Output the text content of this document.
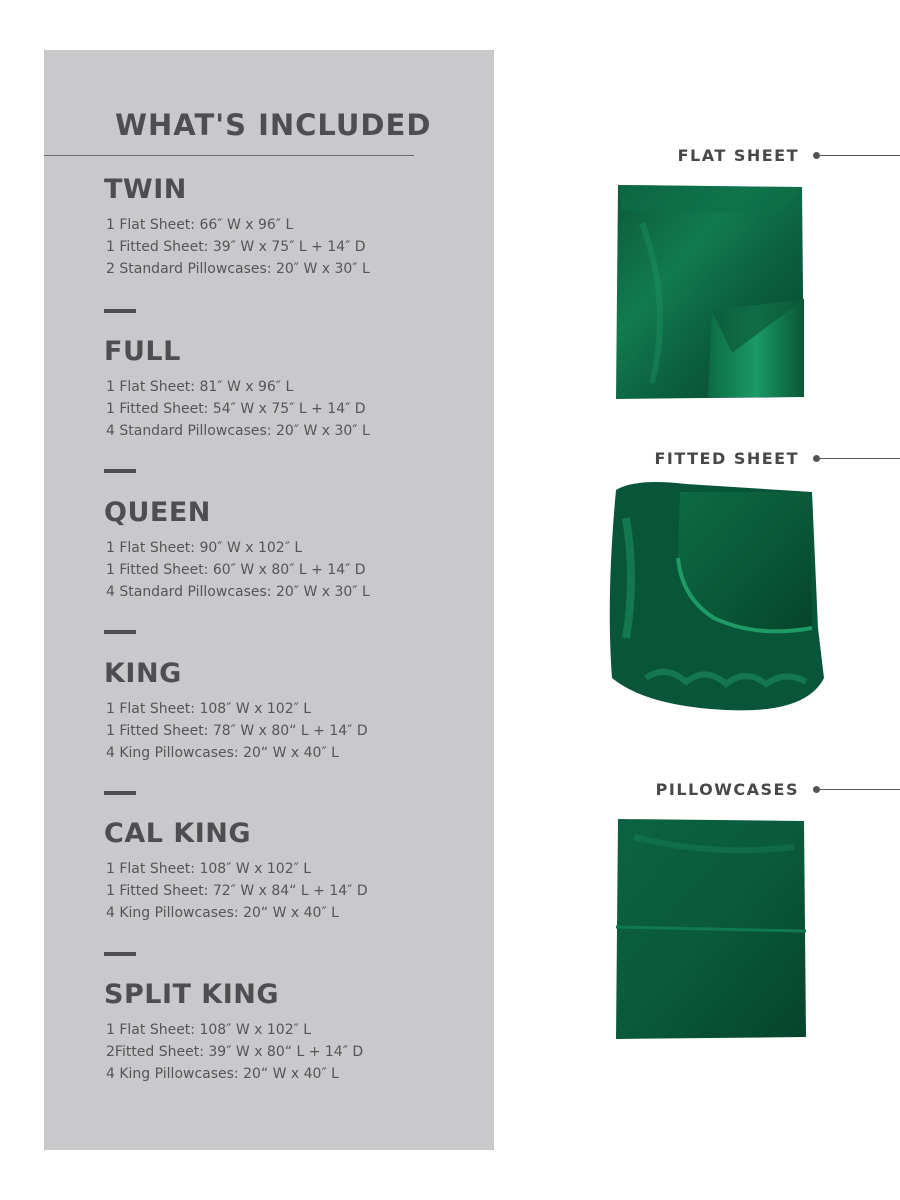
WHAT'S INCLUDED
TWIN
1 Flat Sheet: 66″ W x 96″ L
1 Fitted Sheet: 39″ W x 75″ L + 14″ D
2 Standard Pillowcases: 20″ W x 30″ L
FULL
1 Flat Sheet: 81″ W x 96″ L
1 Fitted Sheet: 54″ W x 75″ L + 14″ D
4 Standard Pillowcases: 20″ W x 30″ L
QUEEN
1 Flat Sheet: 90″ W x 102″ L
1 Fitted Sheet: 60″ W x 80″ L + 14″ D
4 Standard Pillowcases: 20″ W x 30″ L
KING
1 Flat Sheet: 108″ W x 102″ L
1 Fitted Sheet: 78″ W x 80“ L + 14″ D
4 King Pillowcases: 20“ W x 40″ L
CAL KING
1 Flat Sheet: 108″ W x 102″ L
1 Fitted Sheet: 72″ W x 84“ L + 14″ D
4 King Pillowcases: 20“ W x 40″ L
SPLIT KING
1 Flat Sheet: 108″ W x 102″ L
2Fitted Sheet: 39″ W x 80“ L + 14″ D
4 King Pillowcases: 20“ W x 40″ L
FLAT SHEET
FITTED SHEET
PILLOWCASES
